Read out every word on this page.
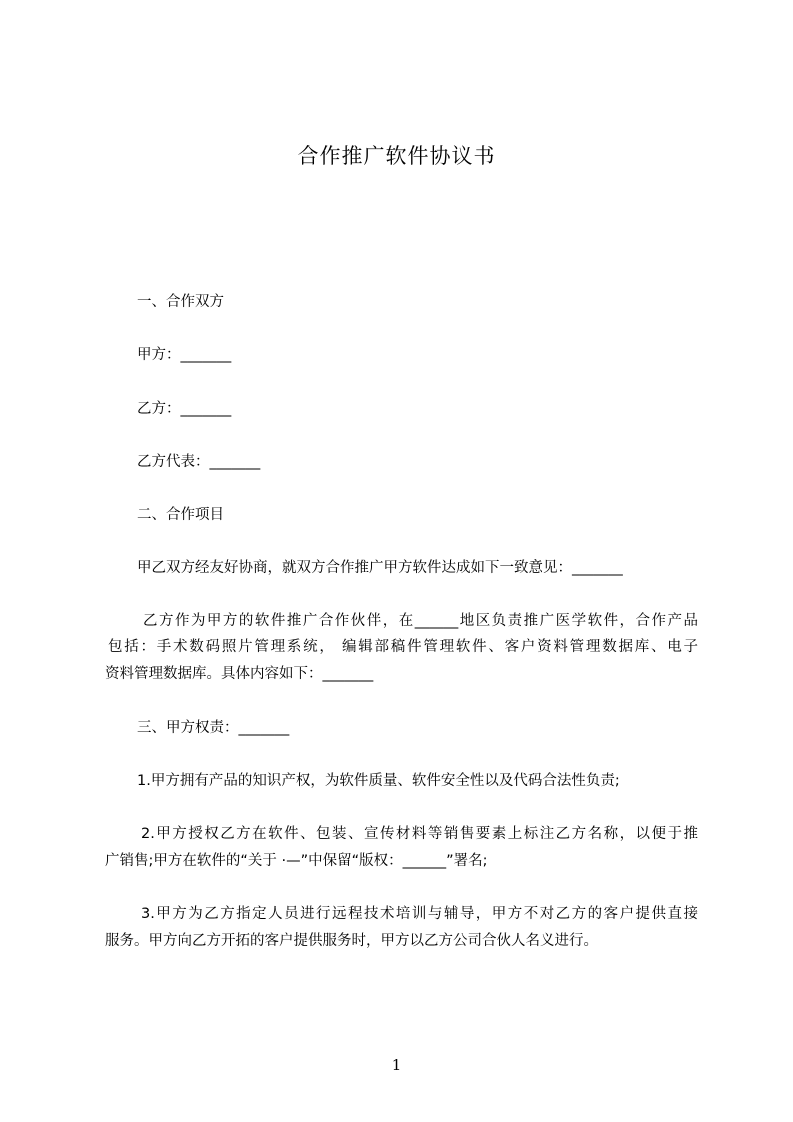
合作推广软件协议书
一、合作双方
甲方：_______
乙方：_______
乙方代表：_______
二、合作项目
甲乙双方经友好协商，就双方合作推广甲方软件达成如下一致意见：_______
乙方作为甲方的软件推广合作伙伴，在______地区负责推广医学软件，合作产品
包括：手术数码照片管理系统， 编辑部稿件管理软件、客户资料管理数据库、电子
资料管理数据库。具体内容如下：_______
三、甲方权责：_______
1.甲方拥有产品的知识产权，为软件质量、软件安全性以及代码合法性负责;
2.甲方授权乙方在软件、包装、宣传材料等销售要素上标注乙方名称，以便于推
广销售;甲方在软件的“关于 ·—”中保留“版权：______”署名;
3.甲方为乙方指定人员进行远程技术培训与辅导，甲方不对乙方的客户提供直接
服务。甲方向乙方开拓的客户提供服务时，甲方以乙方公司合伙人名义进行。
1
